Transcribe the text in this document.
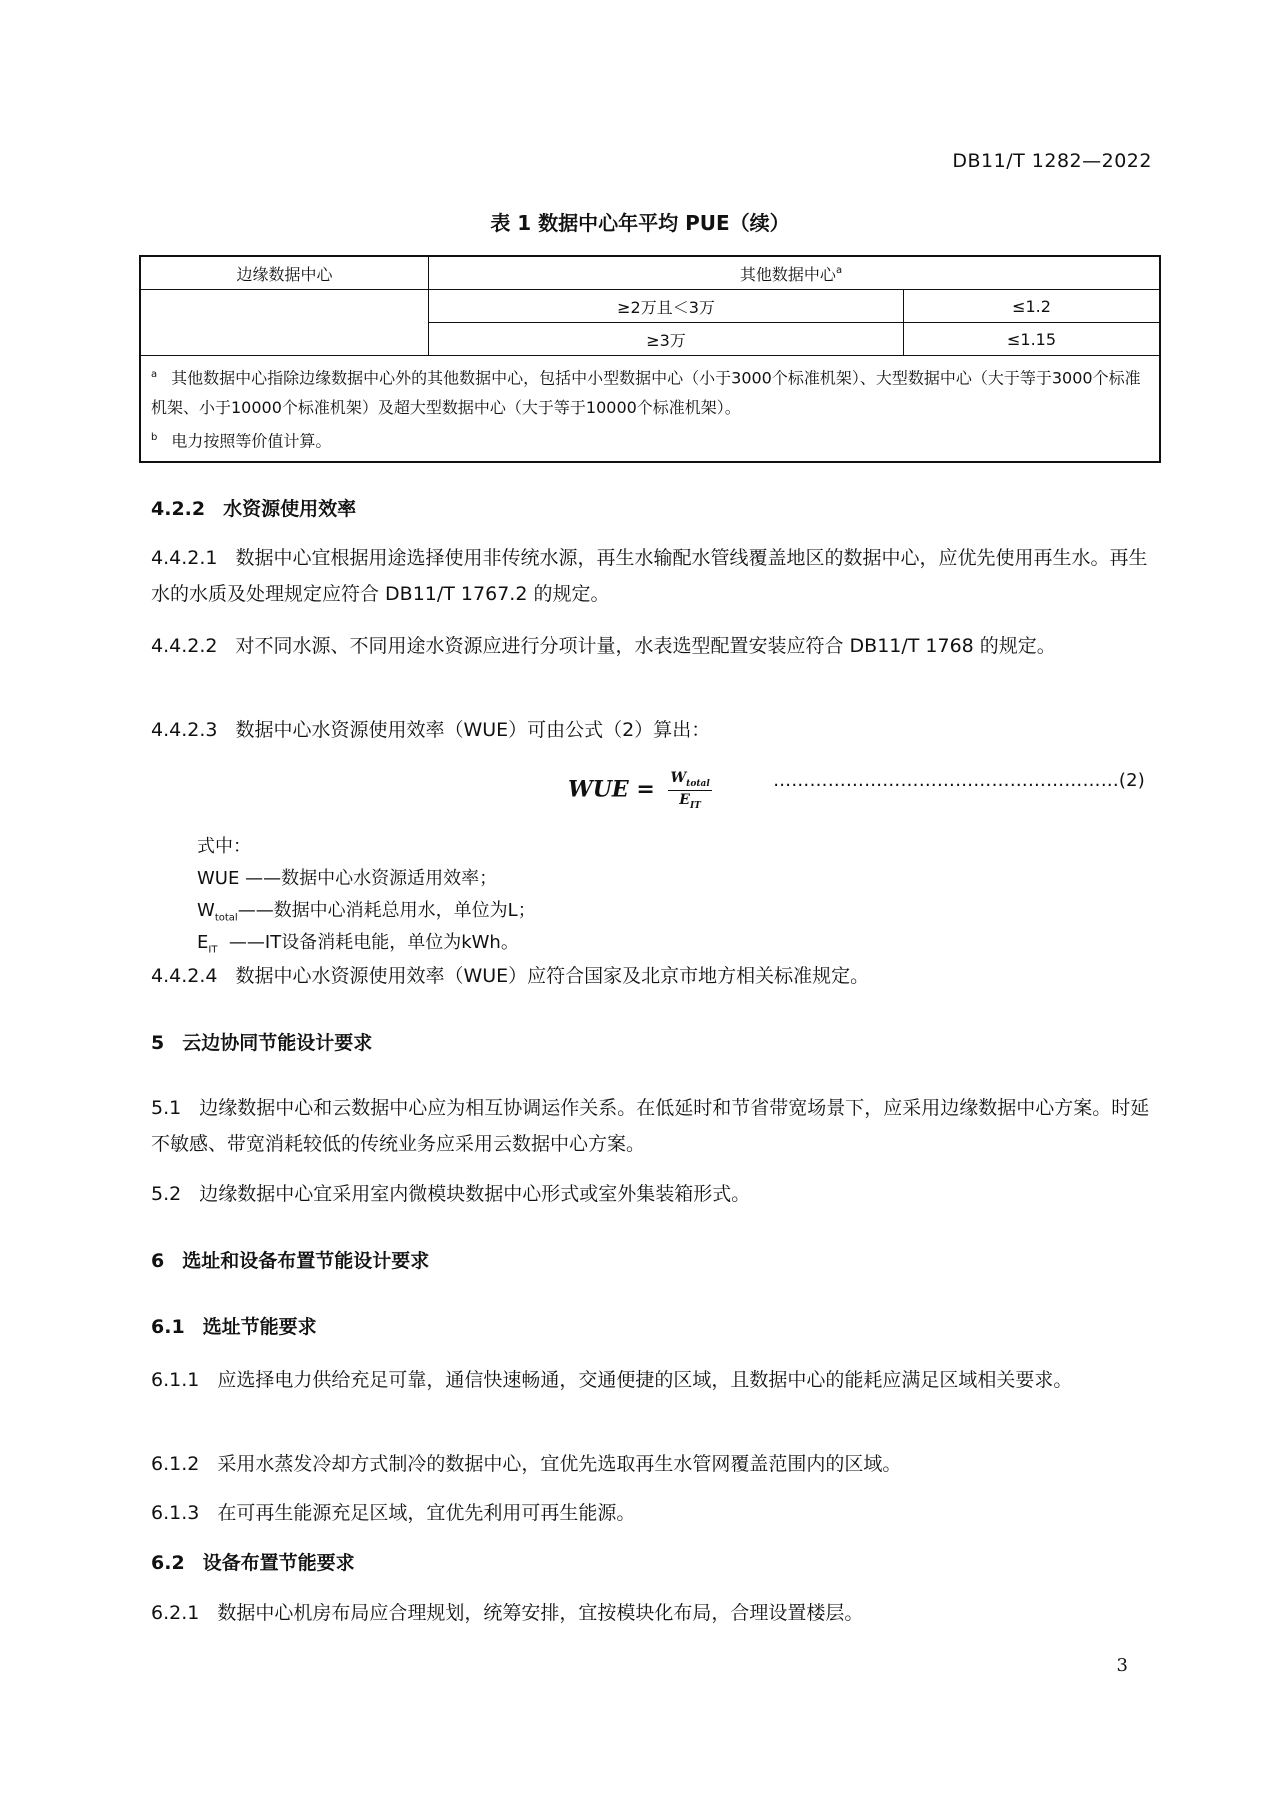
DB11/T 1282—2022
表 1 数据中心年平均 PUE（续）
边缘数据中心	其他数据中心$^a$
	≥2万且＜3万	≤1.2
	≥3万	≤1.15

$^a$ 其他数据中心指除边缘数据中心外的其他数据中心，包括中小型数据中心（小于3000个标准机架）、大型数据中心（大于等于3000个标准机架、小于10000个标准机架）及超大型数据中心（大于等于10000个标准机架）。
$^b$ 电力按照等价值计算。		
4.2.2 水资源使用效率
4.4.2.1 数据中心宜根据用途选择使用非传统水源，再生水输配水管线覆盖地区的数据中心，应优先使用再生水。再生水的水质及处理规定应符合 DB11/T 1767.2 的规定。
4.4.2.2 对不同水源、不同用途水资源应进行分项计量，水表选型配置安装应符合 DB11/T 1768 的规定。
4.4.2.3 数据中心水资源使用效率（WUE）可由公式（2）算出：
WUE = $\frac{W_{total}}{E_{IT}}$	…………………………………………………(2)
式中：
WUE ——数据中心水资源适用效率；
$W_{total}——$数据中心消耗总用水，单位为L；
$E_{IT}$ ——IT设备消耗电能，单位为kWh。
4.4.2.4 数据中心水资源使用效率（WUE）应符合国家及北京市地方相关标准规定。
5 云边协同节能设计要求
5.1 边缘数据中心和云数据中心应为相互协调运作关系。在低延时和节省带宽场景下，应采用边缘数据中心方案。时延不敏感、带宽消耗较低的传统业务应采用云数据中心方案。
5.2 边缘数据中心宜采用室内微模块数据中心形式或室外集装箱形式。
6 选址和设备布置节能设计要求
6.1 选址节能要求
6.1.1 应选择电力供给充足可靠，通信快速畅通，交通便捷的区域，且数据中心的能耗应满足区域相关要求。
6.1.2 采用水蒸发冷却方式制冷的数据中心，宜优先选取再生水管网覆盖范围内的区域。
6.1.3 在可再生能源充足区域，宜优先利用可再生能源。
6.2 设备布置节能要求
6.2.1 数据中心机房布局应合理规划，统筹安排，宜按模块化布局，合理设置楼层。
3
